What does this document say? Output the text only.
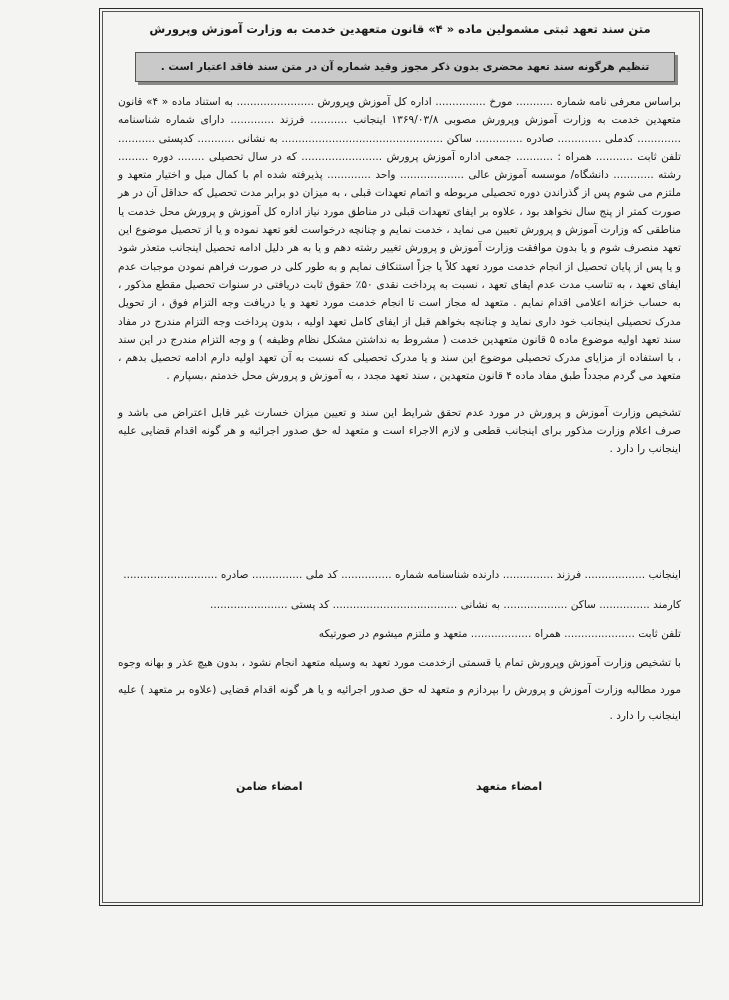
متن سند تعهد ثبتی مشمولین ماده « ۴» قانون متعهدین خدمت به وزارت آموزش وپرورش
تنظیم هرگونه سند تعهد محضری بدون ذکر مجوز وقید شماره آن در متن سند فاقد اعتبار است .

براساس معرفی نامه شماره ........... مورخ ............... اداره کل آموزش وپرورش ....................... به استناد ماده « ۴» قانون متعهدین خدمت به وزارت آموزش وپرورش مصوبی ۱۳۶۹/۰۳/۸ اینجانب ........... فرزند ............. دارای شماره شناسنامه ............. کدملی ............. صادره .............. ساکن ................................................ به نشانی ........... کدپستی ........... تلفن ثابت ........... همراه : ........... جمعی اداره آموزش پرورش ........................ که در سال تحصیلی ........ دوره ......... رشته ............ دانشگاه/ موسسه آموزش عالی ................... واحد ............. پذیرفته شده ام با کمال میل و اختیار متعهد و ملتزم می شوم پس از گذراندن دوره تحصیلی مربوطه و اتمام تعهدات قبلی ، به میزان دو برابر مدت تحصیل که حداقل آن در هر صورت کمتر از پنج سال نخواهد بود ، علاوه بر ایفای تعهدات قبلی در مناطق مورد نیاز اداره کل آموزش و پرورش محل خدمت یا مناطقی که وزارت آموزش و پرورش تعیین می نماید ، خدمت نمایم و چنانچه درخواست لغو تعهد نموده و یا از تحصیل موضوع این تعهد منصرف شوم و یا بدون موافقت وزارت آموزش و پرورش تغییر رشته دهم و یا به هر دلیل ادامه تحصیل اینجانب متعذر شود و یا پس از پایان تحصیل از انجام خدمت مورد تعهد کلاً یا جزاً استنکاف نمایم و به طور کلی در صورت فراهم نمودن موجبات عدم ایفای تعهد ، به تناسب مدت عدم ایفای تعهد ، نسبت به پرداخت نقدی ۵۰٪ حقوق ثابت دریافتی در سنوات تحصیل مقطع مذکور ، به حساب خزانه اعلامی اقدام نمایم . متعهد له مجاز است تا انجام خدمت مورد تعهد و یا دریافت وجه التزام فوق ، از تحویل مدرک تحصیلی اینجانب خود داری نماید و چنانچه بخواهم قبل از ایفای کامل تعهد اولیه ، بدون پرداخت وجه التزام مندرج در مفاد سند تعهد اولیه موضوع ماده ۵ قانون متعهدین خدمت ( مشروط به نداشتن مشکل نظام وظیفه ) و وجه التزام مندرج در این سند ، با استفاده از مزایای مدرک تحصیلی موضوع این سند و یا مدرک تحصیلی که نسبت به آن تعهد اولیه دارم ادامه تحصیل بدهم ، متعهد می گردم مجدداً طبق مفاد ماده ۴ قانون متعهدین ، سند تعهد مجدد ، به آموزش و پرورش محل خدمتم ،بسپارم .

تشخیص وزارت آموزش و پرورش در مورد عدم تحقق شرایط این سند و تعیین میزان خسارت غیر قابل اعتراض می باشد و صرف اعلام وزارت مذکور برای اینجانب قطعی و لازم الاجراء است و متعهد له حق صدور اجرائیه و هر گونه اقدام قضایی علیه اینجانب را دارد .

اینجانب .................. فرزند ............... دارنده شناسنامه شماره ............... کد ملی ............... صادره ............................
کارمند ............... ساکن ................... به نشانی ..................................... کد پستی .......................
تلفن ثابت ..................... همراه .................. متعهد و ملتزم میشوم در صورتیکه
با تشخیص وزارت آموزش وپرورش تمام یا قسمتی ازخدمت مورد تعهد به وسیله متعهد انجام نشود ، بدون هیچ عذر و بهانه وجوه مورد مطالبه وزارت آموزش و پرورش را بپردازم و متعهد له حق صدور اجرائیه و یا هر گونه اقدام قضایی (علاوه بر متعهد ) علیه اینجانب را دارد .
امضاء متعهد
امضاء ضامن
